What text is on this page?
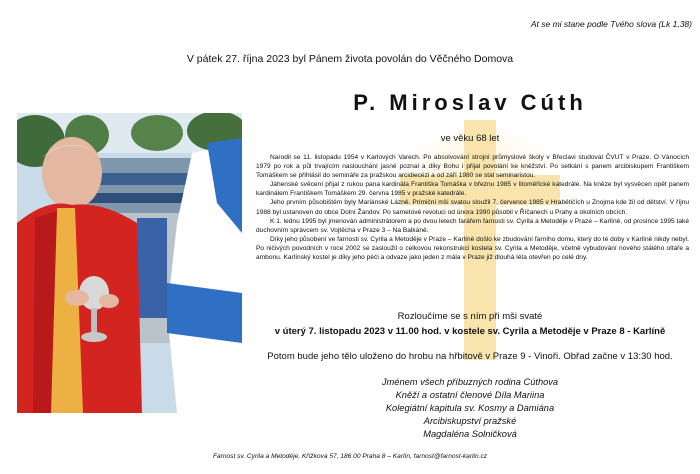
At se mi stane podle Tvého slova (Lk 1,38)
V pátek 27. října 2023 byl Pánem života povolán do Věčného Domova
P. Miroslav Cúth
ve věku 68 let

Narodil se 11. listopadu 1954 v Karlových Varech. Po absolvování strojní průmyslové školy v Břeclavi studoval ČVUT v Praze. O Vánocích 1979 po rok a půl trvajícím naslouchání jasně poznal a díky Bohu i přijal povolání ke kněžství. Po setkání s panem arcibiskupem Františkem Tomáškem se přihlásil do semináře za pražskou arcidiecézi a od září 1980 se stal seminaristou.

Jáhenské svěcení přijal z rukou pana kardinála Františka Tomáška v březnu 1985 v litoměřické katedrále. Na kněze byl vysvěcen opět panem kardinálem Františkem Tomáškem 29. června 1985 v pražské katedrále.

Jeho prvním působištěm byly Mariánské Lázně. Primiční mši svatou sloužil 7. července 1985 v Hrabětičích u Znojma kde žil od dětství. V říjnu 1988 byl ustanoven do obce Dolní Žandov. Po sametové revoluci od února 1990 působil v Říčanech u Prahy a okolních obcích.

K 1. lednu 1995 byl jmenován administrátorem a po dvou letech farářem farnosti sv. Cyrila a Metoděje v Praze – Karlíně, od prosince 1995 také duchovním správcem sv. Vojtěcha v Praze 3 – Na Balkáně.

Díky jeho působení ve farnosti sv. Cyrila a Metoděje v Praze – Karlíně došlo ke zbudování farního domu, který do té doby v Karlíně nikdy nebyl. Po ničivých povodních v roce 2002 se zasloužil o celkovou rekonstrukci kostela sv. Cyrila a Metoděje, včetně vybudování nového stálého oltáře a ambonu. Karlínský kostel je díky jeho péči a odvaze jako jeden z mála v Praze již dlouhá léta otevřen po celé dny.

Rozloučíme se s ním při mši svaté
v úterý 7. listopadu 2023 v 11.00 hod. v kostele sv. Cyrila a Metoděje v Praze 8 - Karlíně
Potom bude jeho tělo uloženo do hrobu na hřbitově v Praze 9 - Vinoři. Obřad začne v 13:30 hod.
Jménem všech příbuzných rodina Cúthova
Kněží a ostatní členové Díla Mariina
Kolegiátní kapitula sv. Kosmy a Damiána
Arcibiskupství pražské
Magdaléna Solničková
Farnost sv. Cyrila a Metoděje, Křížkova 57, 186 00 Praha 8 – Karlín, farnost@farnost-karlin.cz
